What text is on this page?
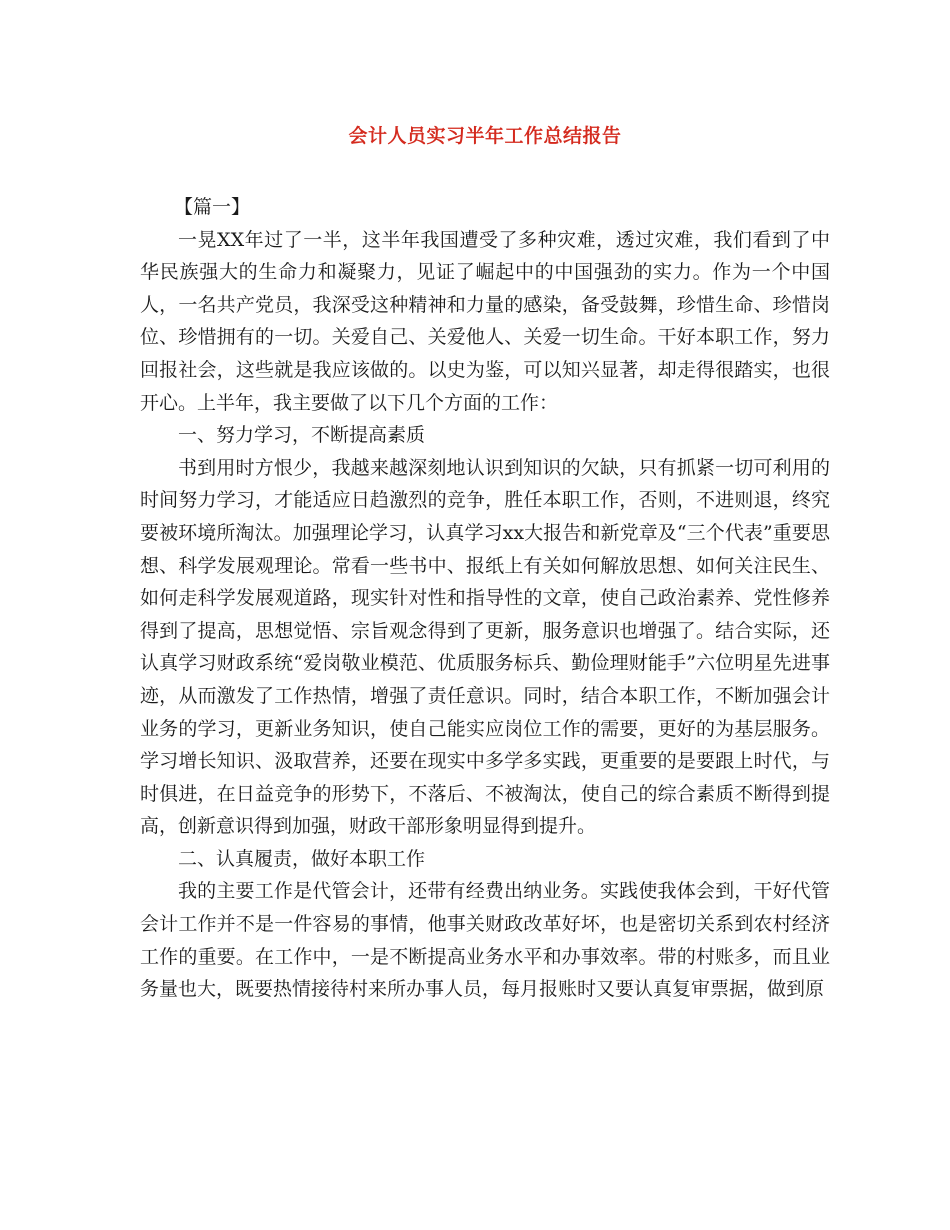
会计人员实习半年工作总结报告

【篇一】

一晃XX年过了一半，这半年我国遭受了多种灾难，透过灾难，我们看到了中华民族强大的生命力和凝聚力，见证了崛起中的中国强劲的实力。作为一个中国人，一名共产党员，我深受这种精神和力量的感染，备受鼓舞，珍惜生命、珍惜岗位、珍惜拥有的一切。关爱自己、关爱他人、关爱一切生命。干好本职工作，努力回报社会，这些就是我应该做的。以史为鉴，可以知兴显著，却走得很踏实，也很开心。上半年，我主要做了以下几个方面的工作：

一、努力学习，不断提高素质

书到用时方恨少，我越来越深刻地认识到知识的欠缺，只有抓紧一切可利用的时间努力学习，才能适应日趋激烈的竞争，胜任本职工作，否则，不进则退，终究要被环境所淘汰。加强理论学习，认真学习xx大报告和新党章及“三个代表”重要思想、科学发展观理论。常看一些书中、报纸上有关如何解放思想、如何关注民生、如何走科学发展观道路，现实针对性和指导性的文章，使自己政治素养、党性修养得到了提高，思想觉悟、宗旨观念得到了更新，服务意识也增强了。结合实际，还认真学习财政系统“爱岗敬业模范、优质服务标兵、勤俭理财能手”六位明星先进事迹，从而激发了工作热情，增强了责任意识。同时，结合本职工作，不断加强会计业务的学习，更新业务知识，使自己能实应岗位工作的需要，更好的为基层服务。学习增长知识、汲取营养，还要在现实中多学多实践，更重要的是要跟上时代，与时俱进，在日益竞争的形势下，不落后、不被淘汰，使自己的综合素质不断得到提高，创新意识得到加强，财政干部形象明显得到提升。

二、认真履责，做好本职工作

我的主要工作是代管会计，还带有经费出纳业务。实践使我体会到，干好代管会计工作并不是一件容易的事情，他事关财政改革好坏，也是密切关系到农村经济工作的重要。在工作中，一是不断提高业务水平和办事效率。带的村账多，而且业务量也大，既要热情接待村来所办事人员，每月报账时又要认真复审票据，做到原
